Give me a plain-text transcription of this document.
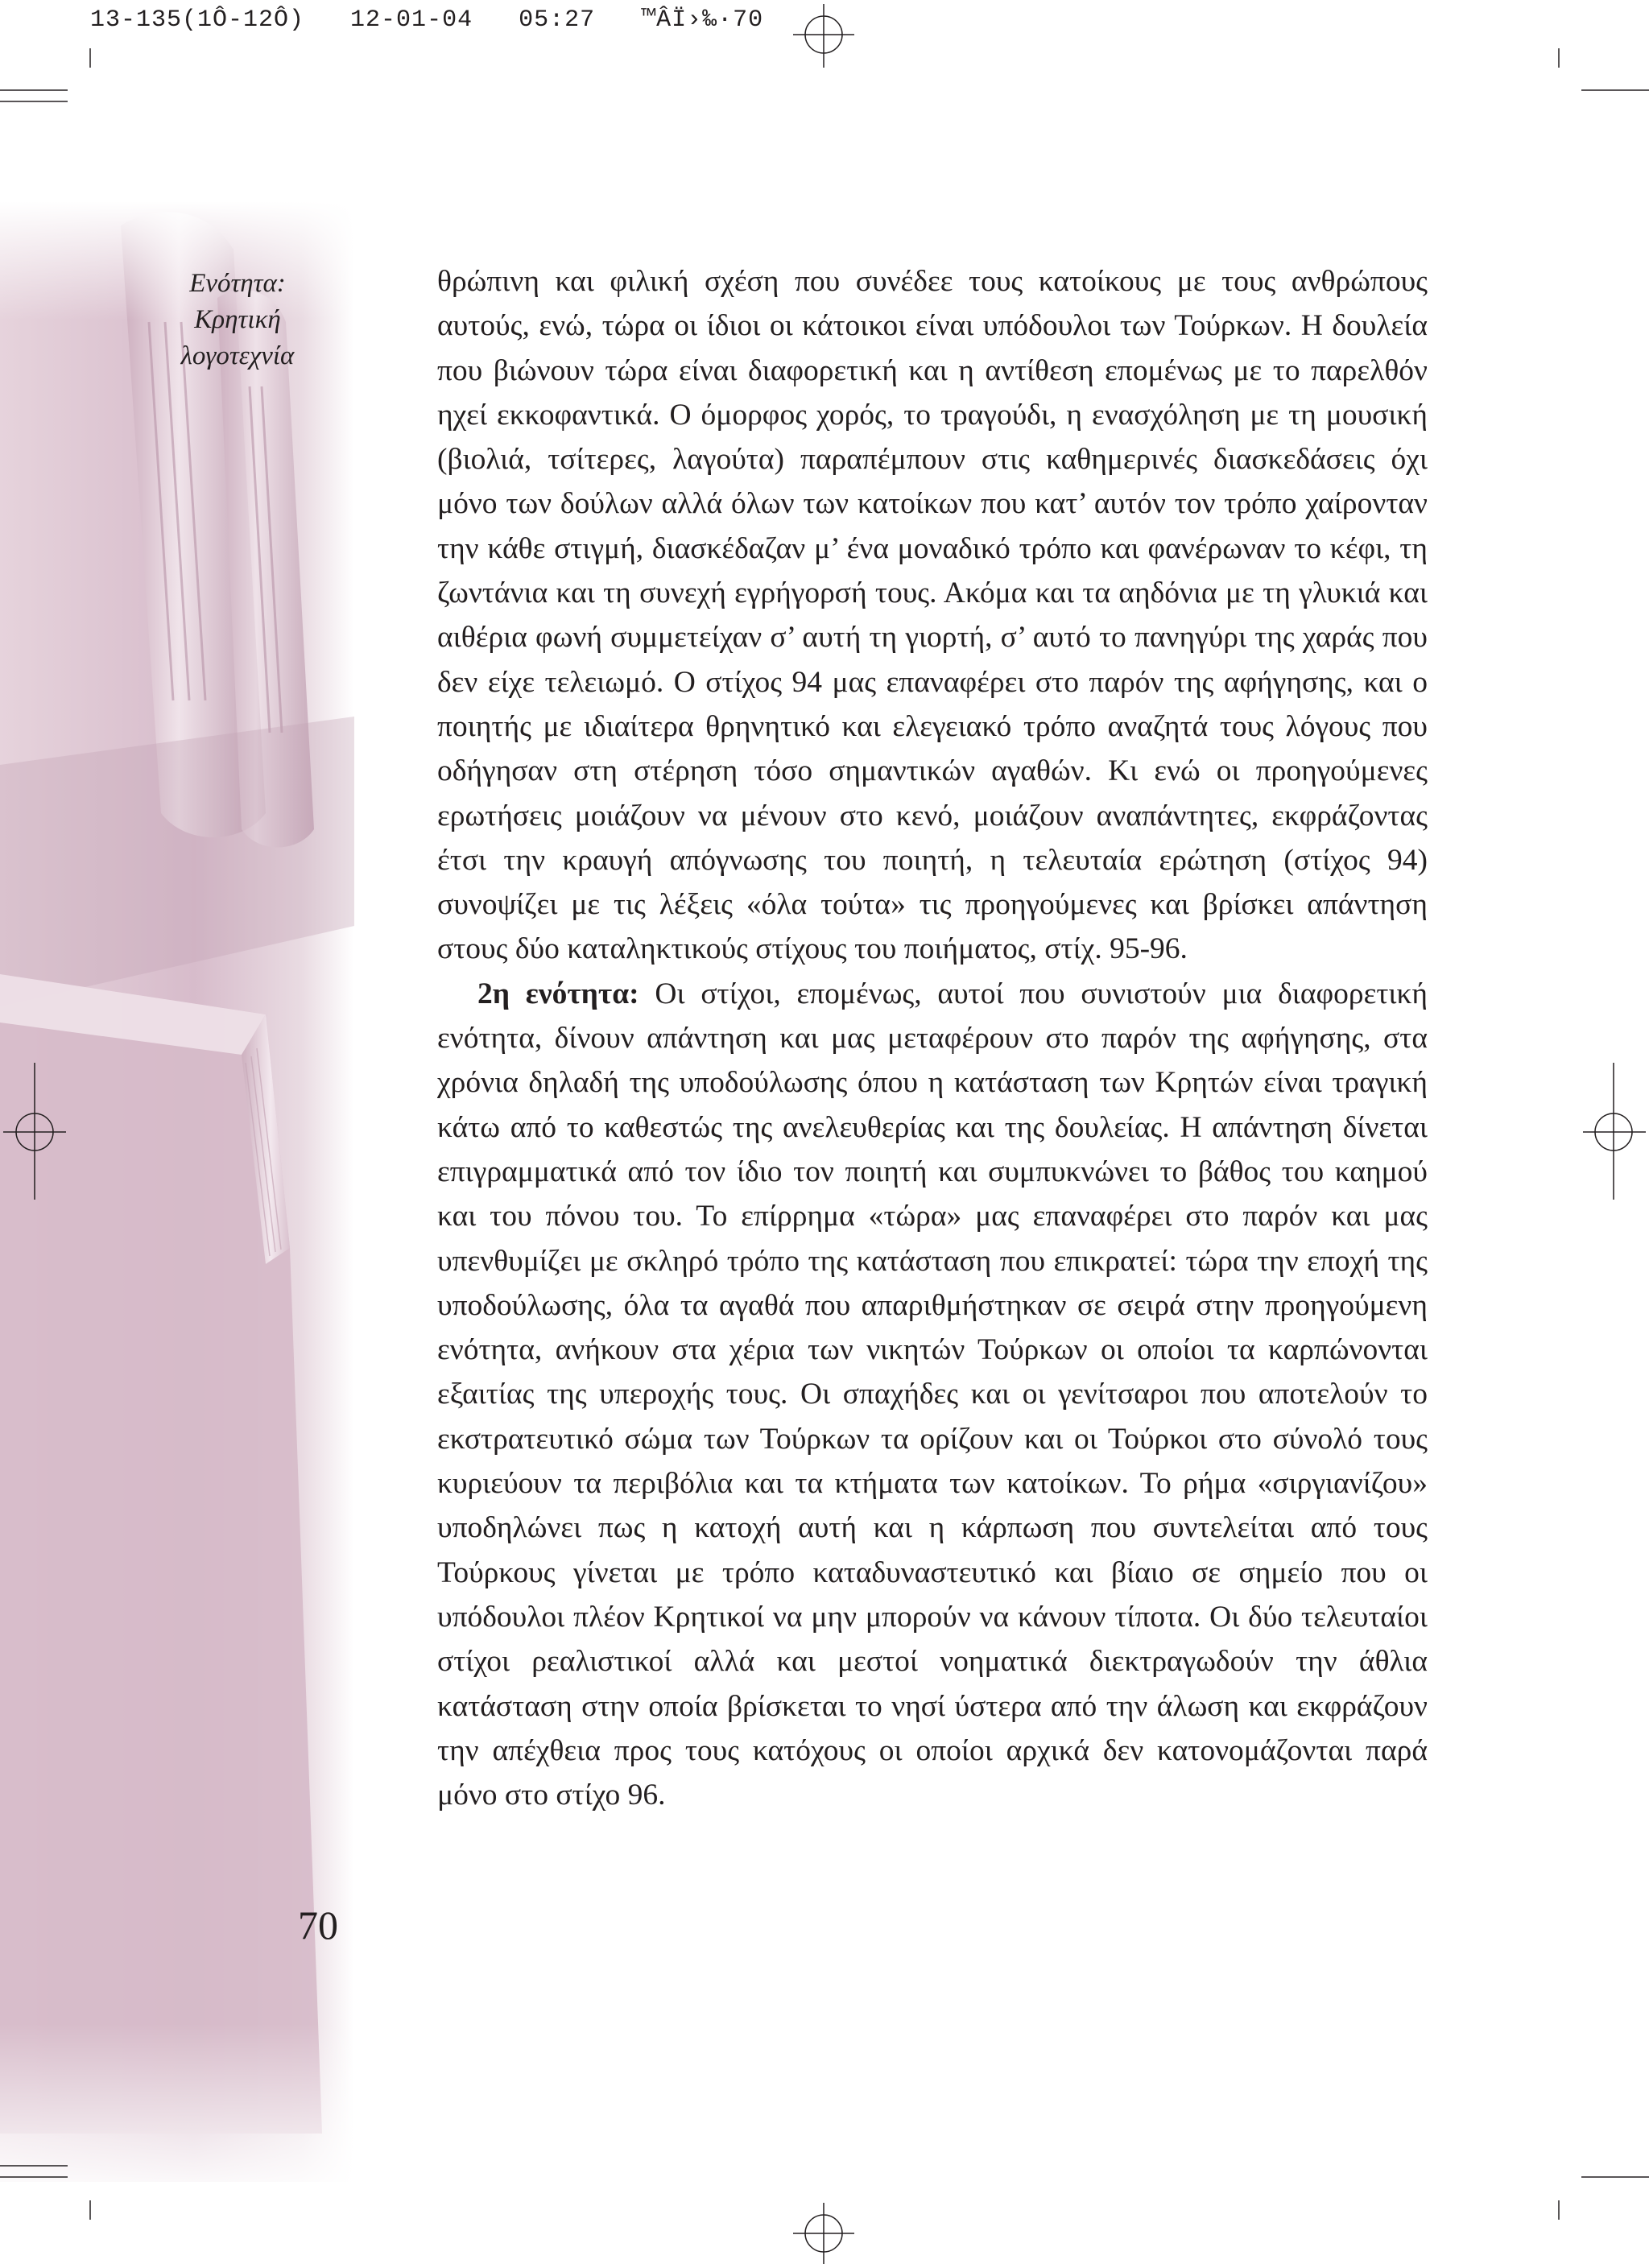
13-135(1Ô-12Ô)   12-01-04   05:27   ™ÂÏ›‰·70
Ενότητα:
Κρητική
λογοτεχνία
70

θρώπινη και φιλική σχέση που συνέδεε τους κατοίκους με τους ανθρώπους αυτούς, ενώ, τώρα οι ίδιοι οι κάτοικοι είναι υπόδουλοι των Τούρκων. Η δουλεία που βιώνουν τώρα είναι διαφορετική και η αντίθεση επομένως με το παρελθόν ηχεί εκκοφαντικά. Ο όμορφος χορός, το τραγούδι, η ενασχόληση με τη μουσική (βιολιά, τσίτερες, λαγούτα) παραπέμπουν στις καθημερινές διασκεδάσεις όχι μόνο των δούλων αλλά όλων των κατοίκων που κατ’ αυτόν τον τρόπο χαίρονταν την κάθε στιγμή, διασκέδαζαν μ’ ένα μοναδικό τρόπο και φανέρωναν το κέφι, τη ζωντάνια και τη συνεχή εγρήγορσή τους. Ακόμα και τα αηδόνια με τη γλυκιά και αιθέρια φωνή συμμετείχαν σ’ αυτή τη γιορτή, σ’ αυτό το πανηγύρι της χαράς που δεν είχε τελειωμό. Ο στίχος 94 μας επαναφέρει στο παρόν της αφήγησης, και ο ποιητής με ιδιαίτερα θρηνητικό και ελεγειακό τρόπο αναζητά τους λόγους που οδήγησαν στη στέρηση τόσο σημαντικών αγαθών. Κι ενώ οι προηγούμενες ερωτήσεις μοιάζουν να μένουν στο κενό, μοιάζουν αναπάντητες, εκφράζοντας έτσι την κραυγή απόγνωσης του ποιητή, η τελευταία ερώτηση (στίχος 94) συνοψίζει με τις λέξεις «όλα τούτα» τις προηγούμενες και βρίσκει απάντηση στους δύο καταληκτικούς στίχους του ποιήματος, στίχ. 95-96.

2η ενότητα: Οι στίχοι, επομένως, αυτοί που συνιστούν μια διαφορετική ενότητα, δίνουν απάντηση και μας μεταφέρουν στο παρόν της αφήγησης, στα χρόνια δηλαδή της υποδούλωσης όπου η κατάσταση των Κρητών είναι τραγική κάτω από το καθεστώς της ανελευθερίας και της δουλείας. Η απάντηση δίνεται επιγραμματικά από τον ίδιο τον ποιητή και συμπυκνώνει το βάθος του καημού και του πόνου του. Το επίρρημα «τώρα» μας επαναφέρει στο παρόν και μας υπενθυμίζει με σκληρό τρόπο της κατάσταση που επικρατεί: τώρα την εποχή της υποδούλωσης, όλα τα αγαθά που απαριθμήστηκαν σε σειρά στην προηγούμενη ενότητα, ανήκουν στα χέρια των νικητών Τούρκων οι οποίοι τα καρπώνονται εξαιτίας της υπεροχής τους. Οι σπαχήδες και οι γενίτσαροι που αποτελούν το εκστρατευτικό σώμα των Τούρκων τα ορίζουν και οι Τούρκοι στο σύνολό τους κυριεύουν τα περιβόλια και τα κτήματα των κατοίκων. Το ρήμα «σιργιανίζου» υποδηλώνει πως η κατοχή αυτή και η κάρπωση που συντελείται από τους Τούρκους γίνεται με τρόπο καταδυναστευτικό και βίαιο σε σημείο που οι υπόδουλοι πλέον Κρητικοί να μην μπορούν να κάνουν τίποτα. Οι δύο τελευταίοι στίχοι ρεαλιστικοί αλλά και μεστοί νοηματικά διεκτραγωδούν την άθλια κατάσταση στην οποία βρίσκεται το νησί ύστερα από την άλωση και εκφράζουν την απέχθεια προς τους κατόχους οι οποίοι αρχικά δεν κατονομάζονται παρά μόνο στο στίχο 96.
